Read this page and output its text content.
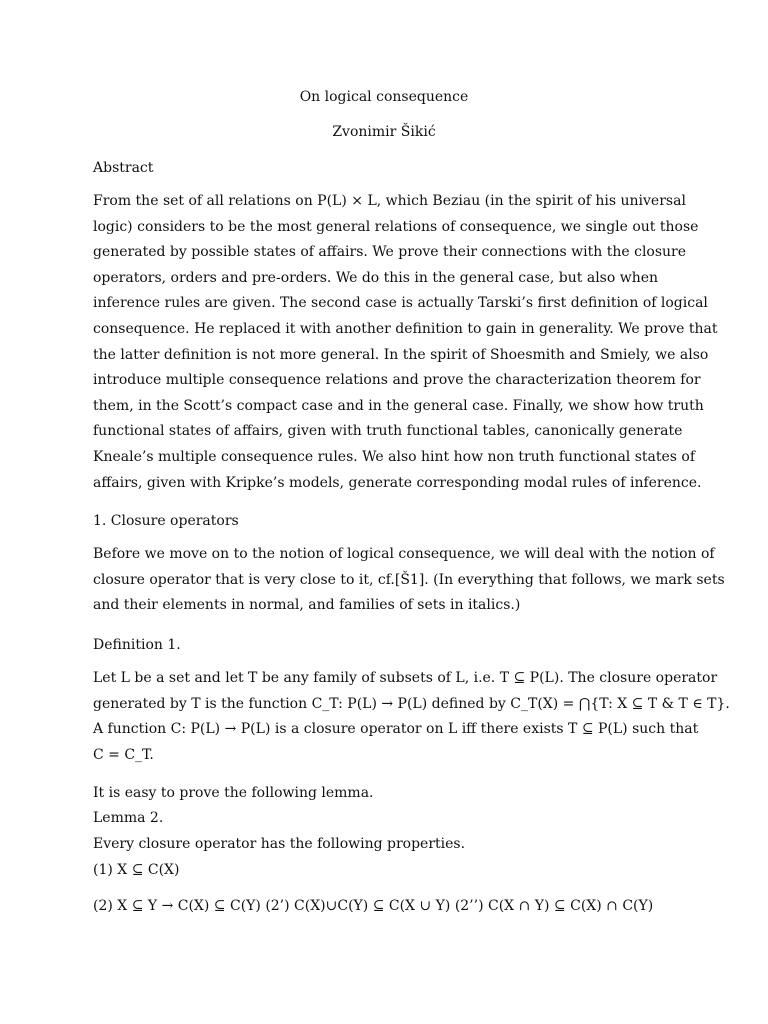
On logical consequence
Zvonimir Šikić
Abstract
From the set of all relations on P(L) × L, which Beziau (in the spirit of his universal
logic) considers to be the most general relations of consequence, we single out those
generated by possible states of affairs. We prove their connections with the closure
operators, orders and pre-orders. We do this in the general case, but also when
inference rules are given. The second case is actually Tarski’s first definition of logical
consequence. He replaced it with another definition to gain in generality. We prove that
the latter definition is not more general. In the spirit of Shoesmith and Smiely, we also
introduce multiple consequence relations and prove the characterization theorem for
them, in the Scott’s compact case and in the general case. Finally, we show how truth
functional states of affairs, given with truth functional tables, canonically generate
Kneale’s multiple consequence rules. We also hint how non truth functional states of
affairs, given with Kripke’s models, generate corresponding modal rules of inference.
1. Closure operators
Before we move on to the notion of logical consequence, we will deal with the notion of
closure operator that is very close to it, cf.[Š1]. (In everything that follows, we mark sets
and their elements in normal, and families of sets in italics.)
Definition 1.
Let L be a set and let T be any family of subsets of L, i.e. T ⊆ P(L). The closure operator
generated by T is the function C_T: P(L) → P(L) defined by C_T(X) = ⋂{T: X ⊆ T & T ∈ T}.
A function C: P(L) → P(L) is a closure operator on L iff there exists T ⊆ P(L) such that
C = C_T.
It is easy to prove the following lemma.
Lemma 2.
Every closure operator has the following properties.
(1) X ⊆ C(X)
(2) X ⊆ Y → C(X) ⊆ C(Y) (2’) C(X)∪C(Y) ⊆ C(X ∪ Y) (2’’) C(X ∩ Y) ⊆ C(X) ∩ C(Y)
